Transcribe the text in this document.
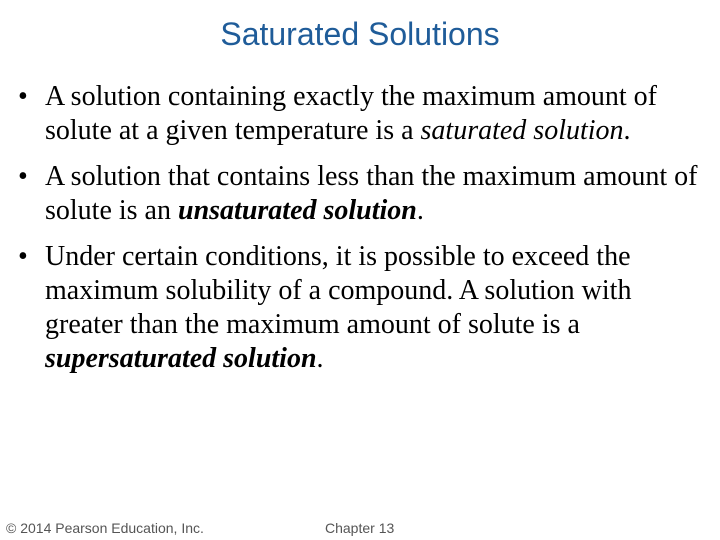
Saturated Solutions
• A solution containing exactly the maximum amount of solute at a given temperature is a saturated solution.
• A solution that contains less than the maximum amount of solute is an unsaturated solution.
• Under certain conditions, it is possible to exceed the maximum solubility of a compound. A solution with greater than the maximum amount of solute is a supersaturated solution.
© 2014 Pearson Education, Inc.	Chapter 13
